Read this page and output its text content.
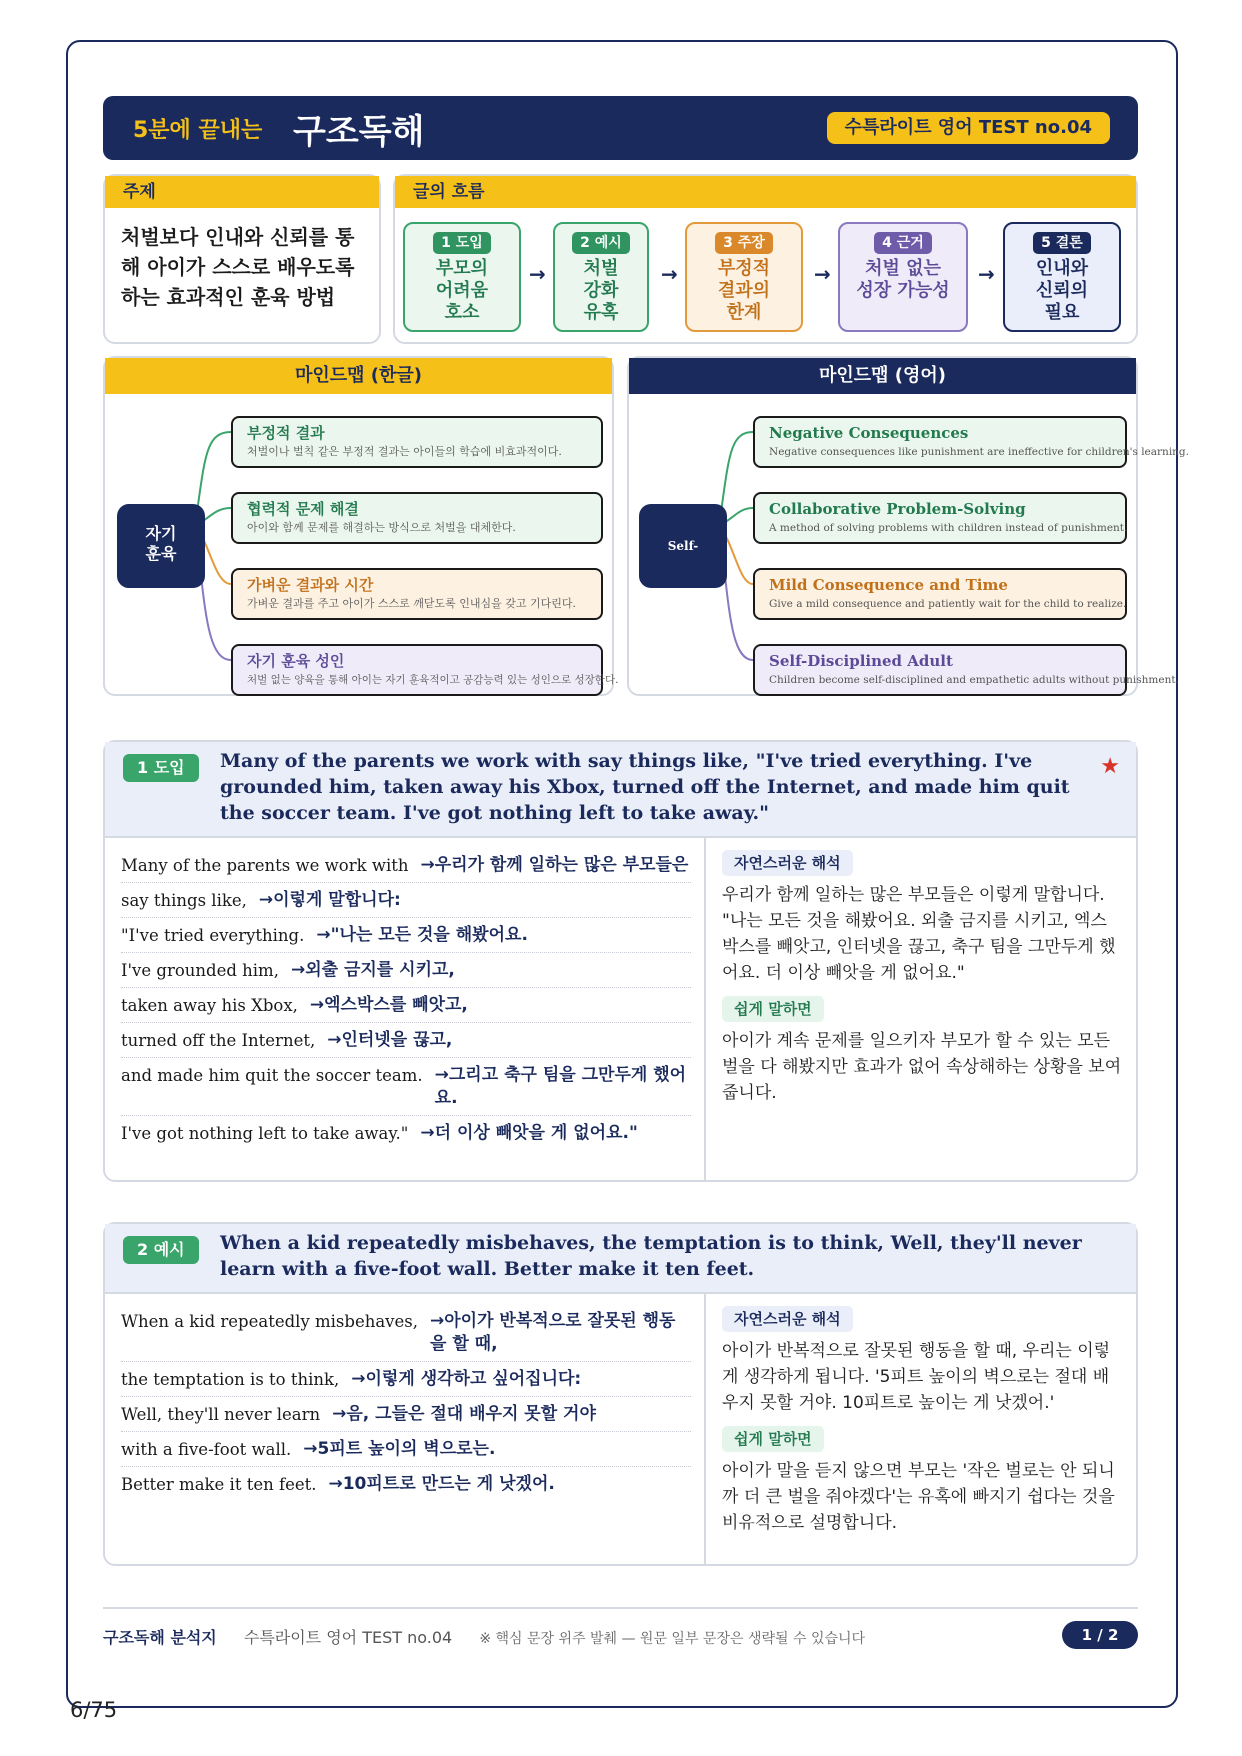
5분에 끝내는 구조독해	수특라이트 영어 TEST no.04
주제
처벌보다 인내와 신뢰를 통해 아이가 스스로 배우도록 하는 효과적인 훈육 방법
글의 흐름
1 도입
부모의
어려움
호소
→
2 예시
처벌
강화
유혹
→
3 주장
부정적
결과의
한계
→
4 근거
처벌 없는
성장 가능성
→
5 결론
인내와
신뢰의
필요
마인드맵 (한글)
자기
훈육
부정적 결과
처벌이나 벌칙 같은 부정적 결과는 아이들의 학습에 비효과적이다.
협력적 문제 해결
아이와 함께 문제를 해결하는 방식으로 처벌을 대체한다.
가벼운 결과와 시간
가벼운 결과를 주고 아이가 스스로 깨닫도록 인내심을 갖고 기다린다.
자기 훈육 성인
처벌 없는 양육을 통해 아이는 자기 훈육적이고 공감능력 있는 성인으로 성장한다.
마인드맵 (영어)
Self-discipline
Negative Consequences
Negative consequences like punishment are ineffective for children's learning.
Collaborative Problem-Solving
A method of solving problems with children instead of punishment.
Mild Consequence and Time
Give a mild consequence and patiently wait for the child to realize.
Self-Disciplined Adult
Children become self-disciplined and empathetic adults without punishment.
1 도입	Many of the parents we work with say things like, "I've tried everything. I've grounded him, taken away his Xbox, turned off the Internet, and made him quit the soccer team. I've got nothing left to take away."
★
Many of the parents we work with →우리가 함께 일하는 많은 부모들은
say things like, →이렇게 말합니다:
"I've tried everything. →"나는 모든 것을 해봤어요.
I've grounded him, →외출 금지를 시키고,
taken away his Xbox, →엑스박스를 빼앗고,
turned off the Internet, →인터넷을 끊고,
and made him quit the soccer team. →그리고 축구 팀을 그만두게 했어요.
I've got nothing left to take away." →더 이상 빼앗을 게 없어요."
자연스러운 해석
우리가 함께 일하는 많은 부모들은 이렇게 말합니다. "나는 모든 것을 해봤어요. 외출 금지를 시키고, 엑스박스를 빼앗고, 인터넷을 끊고, 축구 팀을 그만두게 했어요. 더 이상 빼앗을 게 없어요."
쉽게 말하면
아이가 계속 문제를 일으키자 부모가 할 수 있는 모든 벌을 다 해봤지만 효과가 없어 속상해하는 상황을 보여줍니다.
2 예시	When a kid repeatedly misbehaves, the temptation is to think, Well, they'll never learn with a five-foot wall. Better make it ten feet.
When a kid repeatedly misbehaves, →아이가 반복적으로 잘못된 행동을 할 때,
the temptation is to think, →이렇게 생각하고 싶어집니다:
Well, they'll never learn →음, 그들은 절대 배우지 못할 거야
with a five-foot wall. →5피트 높이의 벽으로는.
Better make it ten feet. →10피트로 만드는 게 낫겠어.
자연스러운 해석
아이가 반복적으로 잘못된 행동을 할 때, 우리는 이렇게 생각하게 됩니다. '5피트 높이의 벽으로는 절대 배우지 못할 거야. 10피트로 높이는 게 낫겠어.'
쉽게 말하면
아이가 말을 듣지 않으면 부모는 '작은 벌로는 안 되니까 더 큰 벌을 줘야겠다'는 유혹에 빠지기 쉽다는 것을 비유적으로 설명합니다.
구조독해 분석지 수특라이트 영어 TEST no.04 ※ 핵심 문장 위주 발췌 — 원문 일부 문장은 생략될 수 있습니다	1 / 2
6/75
